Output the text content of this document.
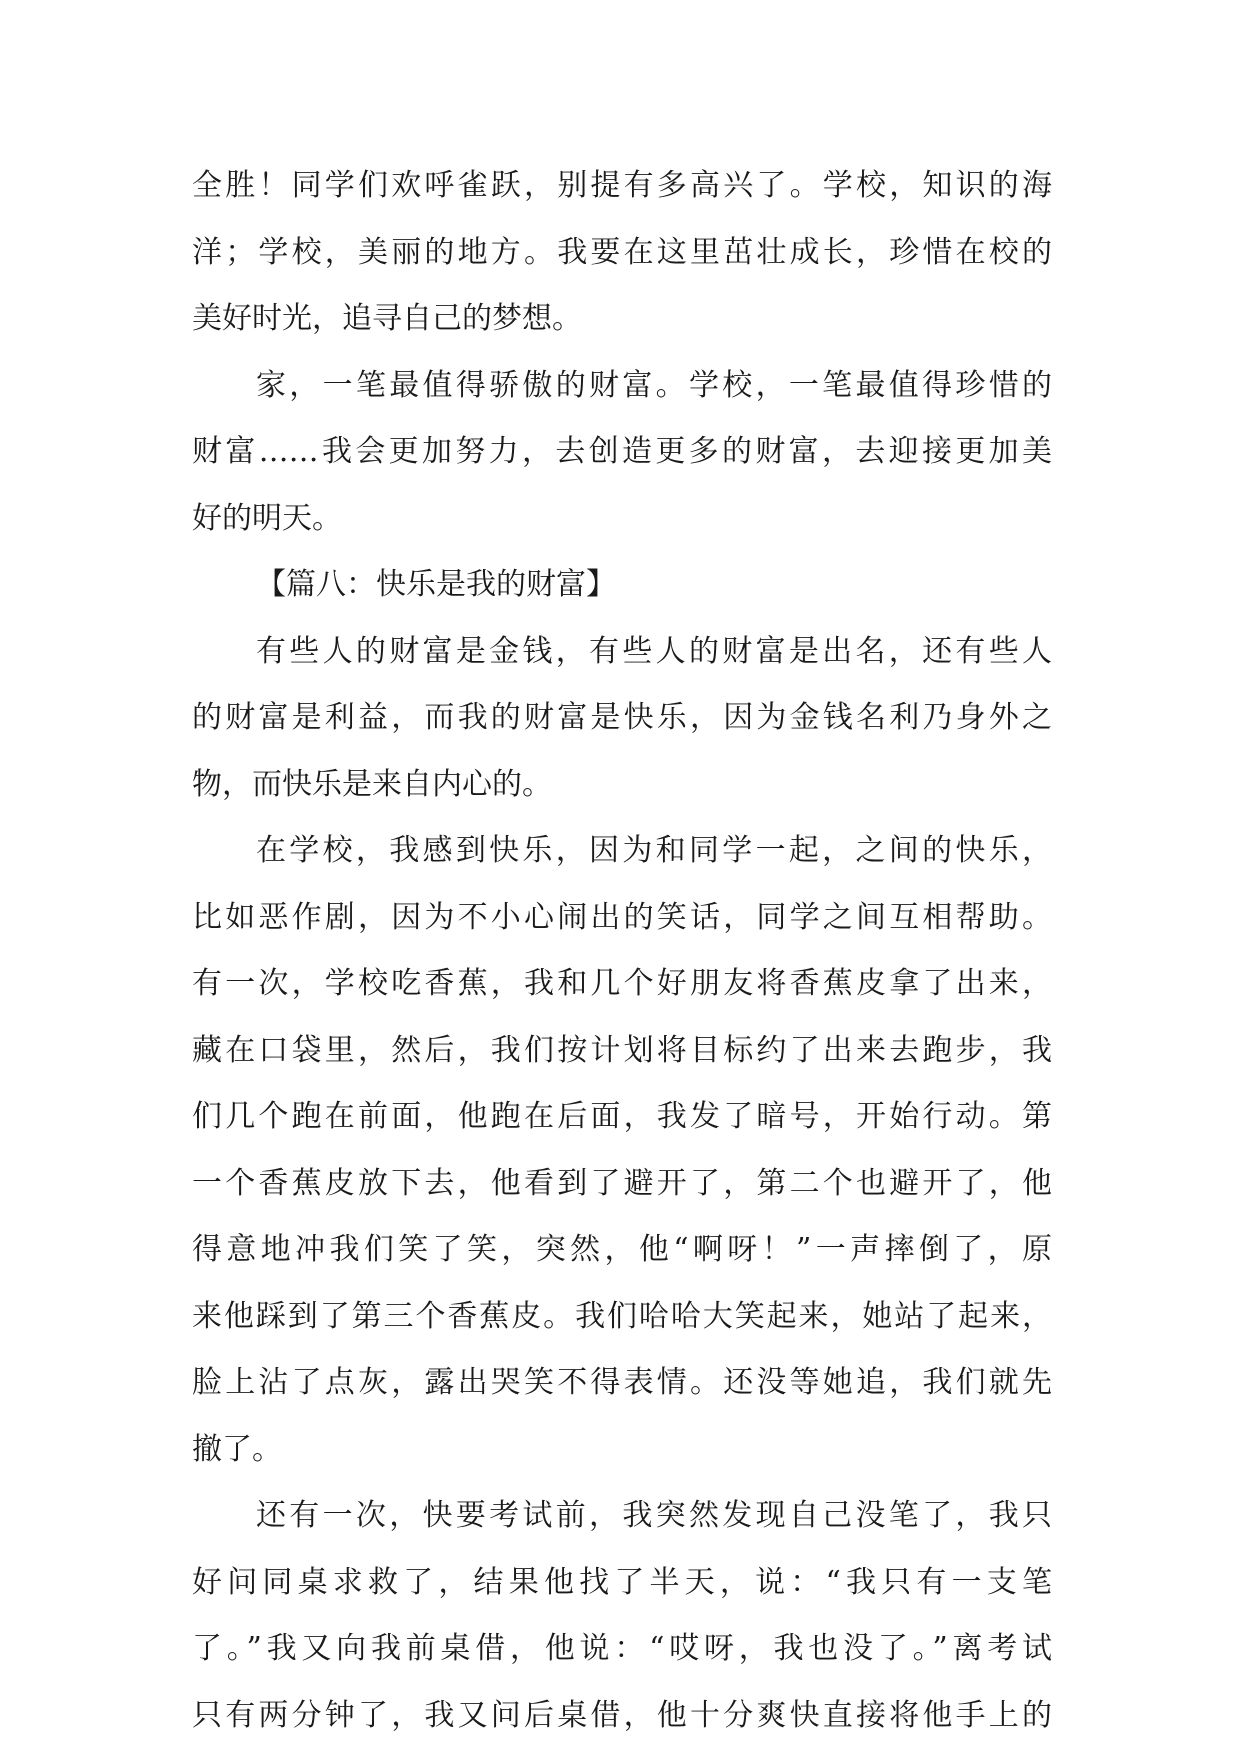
全胜！同学们欢呼雀跃，别提有多高兴了。学校，知识的海
洋；学校，美丽的地方。我要在这里茁壮成长，珍惜在校的
美好时光，追寻自己的梦想。
家，一笔最值得骄傲的财富。学校，一笔最值得珍惜的
财富……我会更加努力，去创造更多的财富，去迎接更加美
好的明天。
【篇八：快乐是我的财富】
有些人的财富是金钱，有些人的财富是出名，还有些人
的财富是利益，而我的财富是快乐，因为金钱名利乃身外之
物，而快乐是来自内心的。
在学校，我感到快乐，因为和同学一起，之间的快乐，
比如恶作剧，因为不小心闹出的笑话，同学之间互相帮助。
有一次，学校吃香蕉，我和几个好朋友将香蕉皮拿了出来，
藏在口袋里，然后，我们按计划将目标约了出来去跑步，我
们几个跑在前面，他跑在后面，我发了暗号，开始行动。第
一个香蕉皮放下去，他看到了避开了，第二个也避开了，他
得意地冲我们笑了笑，突然，他“啊呀！”一声摔倒了，原
来他踩到了第三个香蕉皮。我们哈哈大笑起来，她站了起来，
脸上沾了点灰，露出哭笑不得表情。还没等她追，我们就先
撤了。
还有一次，快要考试前，我突然发现自己没笔了，我只
好问同桌求救了，结果他找了半天，说：“我只有一支笔
了。”我又向我前桌借，他说：“哎呀，我也没了。”离考试
只有两分钟了，我又问后桌借，他十分爽快直接将他手上的
